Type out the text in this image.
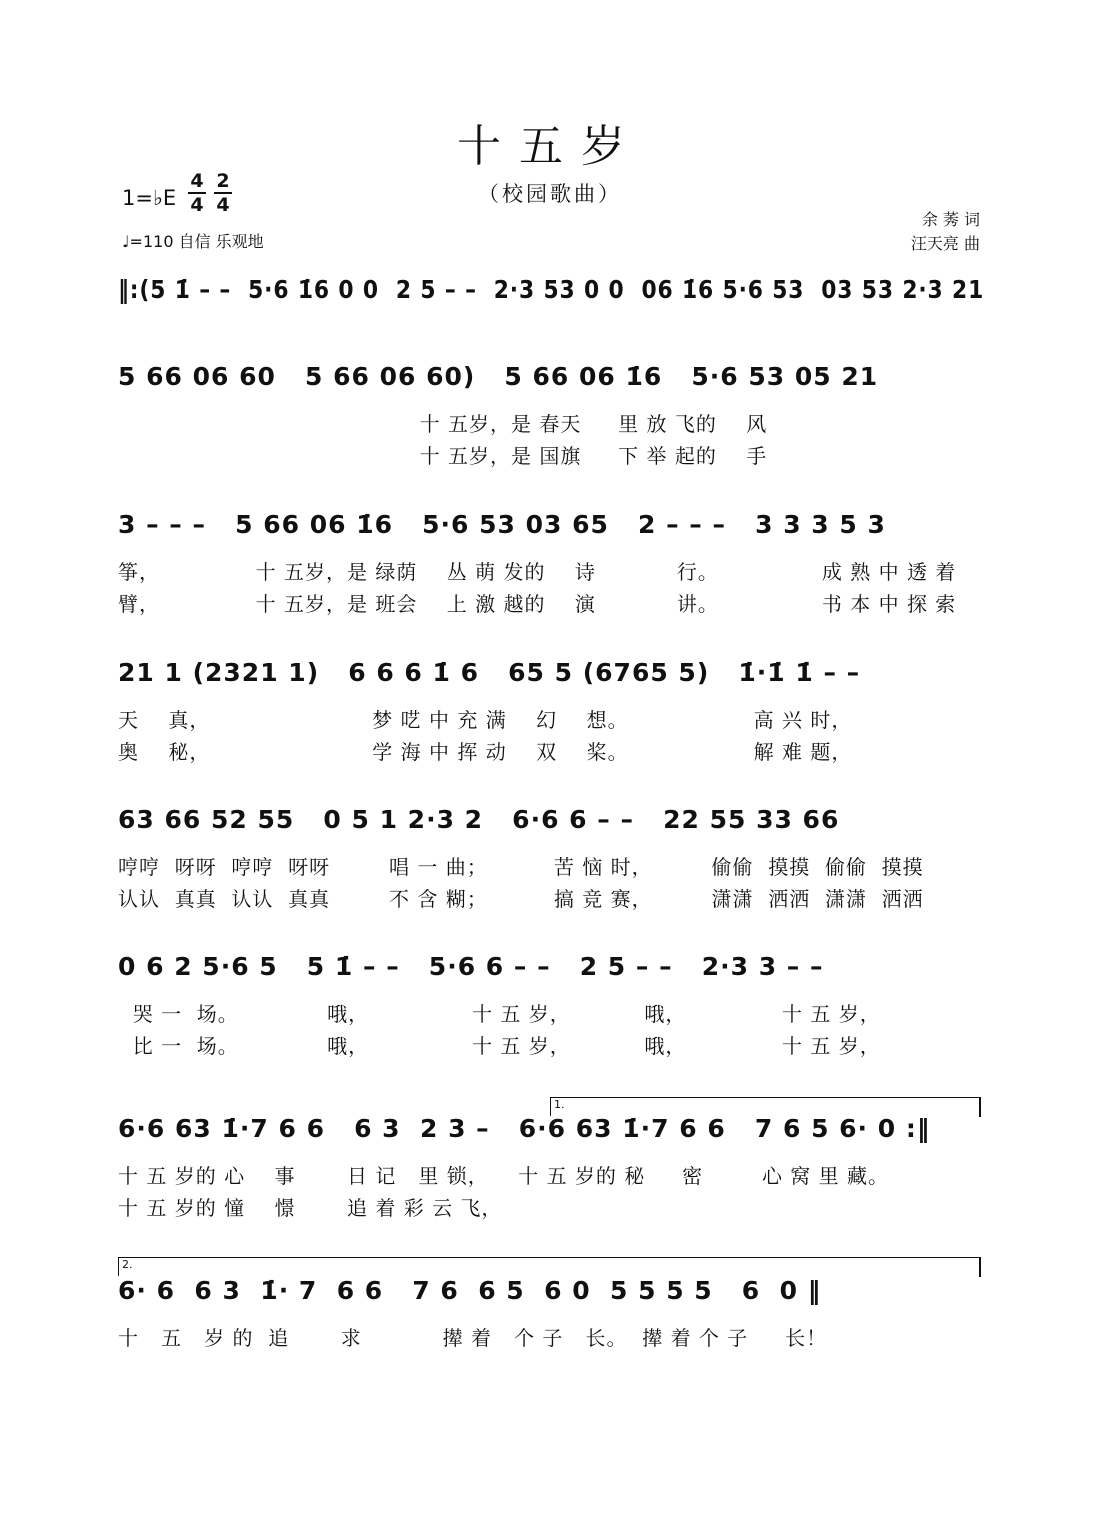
十五岁
（校园歌曲）
1=♭E
4
4
2
4
♩=110 自信 乐观地
余 莠 词
汪天亮 曲
‖:(5 1̇ – –  5·6 1̇6 0 0  2 5 – –  2·3 53 0 0  06 1̇6 5·6 53  03 53 2·3 21
5 66 06 60   5 66 06 60)   5 66 06 1̇6   5·6 53 05 21
十 五岁，是 春天     里 放 飞的    风
十 五岁，是 国旗     下 举 起的    手
3 – – –   5 66 06 1̇6   5·6 53 03 65   2 – – –   3 3 3 5 3
筝，             十 五岁，是 绿荫    丛 萌 发的    诗           行。              成 熟 中 透 着
臂，             十 五岁，是 班会    上 激 越的    演           讲。              书 本 中 探 索
21 1 (2321 1)   6 6 6 1̇ 6   65 5 (6765 5)   1̇·1̇ 1̇ – –
天    真，                      梦 呓 中 充 满    幻    想。                 高 兴 时，
奥    秘，                      学 海 中 挥 动    双    桨。                 解 难 题，
63 66 52 55   0 5 1 2·3 2   6·6 6 – –   22 55 33 66
哼哼  呀呀  哼哼  呀呀        唱 一 曲；         苦 恼 时，        偷偷  摸摸  偷偷  摸摸
认认  真真  认认  真真        不 含 糊；         搞 竞 赛，        潇潇  洒洒  潇潇  洒洒
0 6 2 5·6 5   5 1̇ – –   5·6 6 – –   2 5 – –   2·3 3 – –
哭 一  场。            哦，              十 五 岁，          哦，             十 五 岁，
比 一  场。            哦，              十 五 岁，          哦，             十 五 岁，
1.
6·6 63 1̇·7 6 6   6 3  2 3 –   6·6 63 1̇·7 6 6   7 6 5 6· 0 :‖
十 五 岁的 心    事       日 记   里 锁，    十 五 岁的 秘     密        心 窝 里 藏。
十 五 岁的 憧    憬       追 着 彩 云 飞，
2.
6· 6  6 3  1̇· 7  6 6   7 6  6 5  6 0  5 5 5 5   6  0 ‖
十   五   岁 的  追       求           撵 着   个 子   长。  撵 着 个 子     长！
